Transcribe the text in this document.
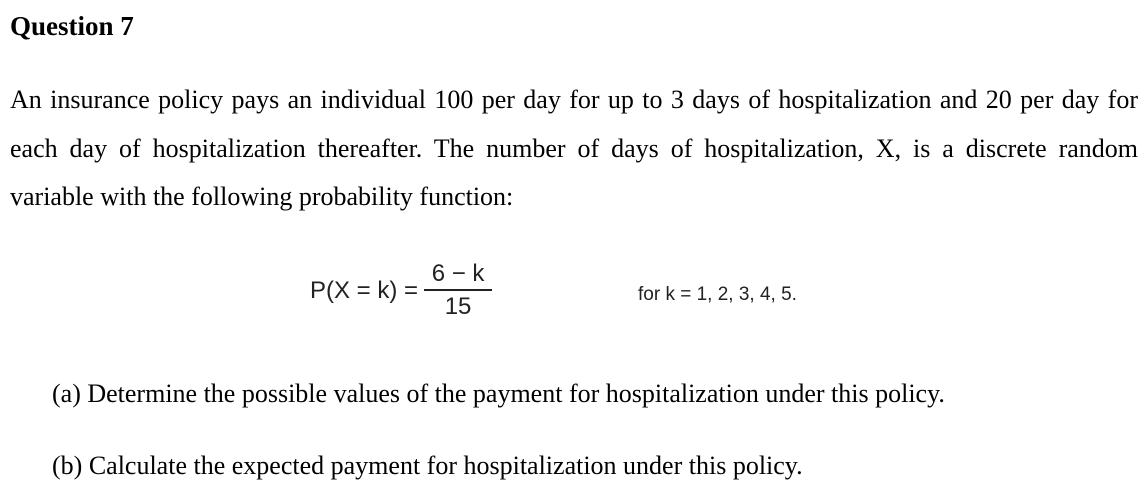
Question 7
An insurance policy pays an individual 100 per day for up to 3 days of hospitalization and 20 per day for each day of hospitalization thereafter. The number of days of hospitalization, X, is a discrete random variable with the following probability function:
$P(X = k) = \frac{6 - k}{15}$	for k = 1, 2, 3, 4, 5.
(a) Determine the possible values of the payment for hospitalization under this policy.
(b) Calculate the expected payment for hospitalization under this policy.
